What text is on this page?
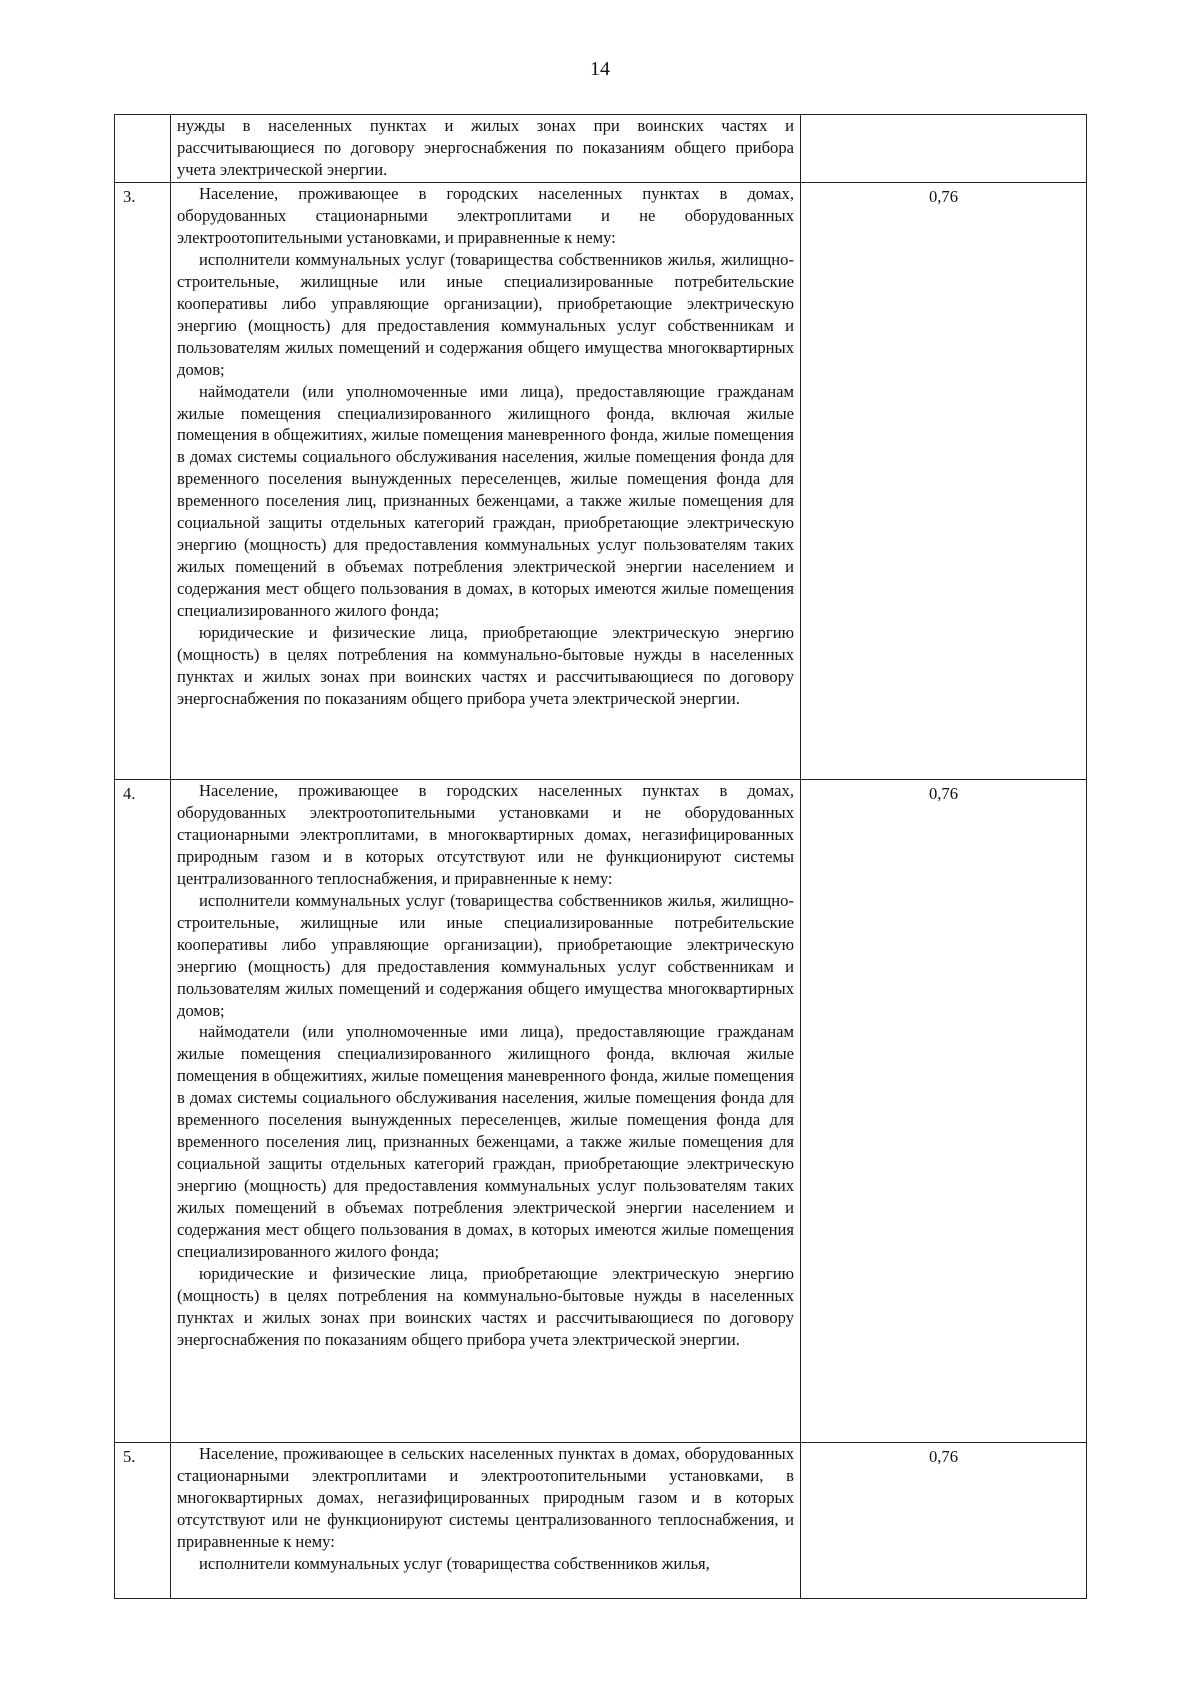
14

	нужды в населенных пунктах и жилых зонах при воинских частях и рассчитывающиеся по договору энергоснабжения по показаниям общего прибора учета электрической энергии.	

3.	Население, проживающее в городских населенных пунктах в домах, оборудованных стационарными электроплитами и не оборудованных электроотопительными установками, и приравненные к нему:

исполнители коммунальных услуг (товарищества собственников жилья, жилищно-строительные, жилищные или иные специализированные потребительские кооперативы либо управляющие организации), приобретающие электрическую энергию (мощность) для предоставления коммунальных услуг собственникам и пользователям жилых помещений и содержания общего имущества многоквартирных домов;

наймодатели (или уполномоченные ими лица), предоставляющие гражданам жилые помещения специализированного жилищного фонда, включая жилые помещения в общежитиях, жилые помещения маневренного фонда, жилые помещения в домах системы социального обслуживания населения, жилые помещения фонда для временного поселения вынужденных переселенцев, жилые помещения фонда для временного поселения лиц, признанных беженцами, а также жилые помещения для социальной защиты отдельных категорий граждан, приобретающие электрическую энергию (мощность) для предоставления коммунальных услуг пользователям таких жилых помещений в объемах потребления электрической энергии населением и содержания мест общего пользования в домах, в которых имеются жилые помещения специализированного жилого фонда;

юридические и физические лица, приобретающие электрическую энергию (мощность) в целях потребления на коммунально-бытовые нужды в населенных пунктах и жилых зонах при воинских частях и рассчитывающиеся по договору энергоснабжения по показаниям общего прибора учета электрической энергии.	0,76
4.	Население, проживающее в городских населенных пунктах в домах, оборудованных электроотопительными установками и не оборудованных стационарными электроплитами, в многоквартирных домах, негазифицированных природным газом и в которых отсутствуют или не функционируют системы централизованного теплоснабжения, и приравненные к нему:

исполнители коммунальных услуг (товарищества собственников жилья, жилищно-строительные, жилищные или иные специализированные потребительские кооперативы либо управляющие организации), приобретающие электрическую энергию (мощность) для предоставления коммунальных услуг собственникам и пользователям жилых помещений и содержания общего имущества многоквартирных домов;

наймодатели (или уполномоченные ими лица), предоставляющие гражданам жилые помещения специализированного жилищного фонда, включая жилые помещения в общежитиях, жилые помещения маневренного фонда, жилые помещения в домах системы социального обслуживания населения, жилые помещения фонда для временного поселения вынужденных переселенцев, жилые помещения фонда для временного поселения лиц, признанных беженцами, а также жилые помещения для социальной защиты отдельных категорий граждан, приобретающие электрическую энергию (мощность) для предоставления коммунальных услуг пользователям таких жилых помещений в объемах потребления электрической энергии населением и содержания мест общего пользования в домах, в которых имеются жилые помещения специализированного жилого фонда;

юридические и физические лица, приобретающие электрическую энергию (мощность) в целях потребления на коммунально-бытовые нужды в населенных пунктах и жилых зонах при воинских частях и рассчитывающиеся по договору энергоснабжения по показаниям общего прибора учета электрической энергии.	0,76
5.	Население, проживающее в сельских населенных пунктах в домах, оборудованных стационарными электроплитами и электроотопительными установками, в многоквартирных домах, негазифицированных природным газом и в которых отсутствуют или не функционируют системы централизованного теплоснабжения, и приравненные к нему:

исполнители коммунальных услуг (товарищества собственников жилья,	0,76
